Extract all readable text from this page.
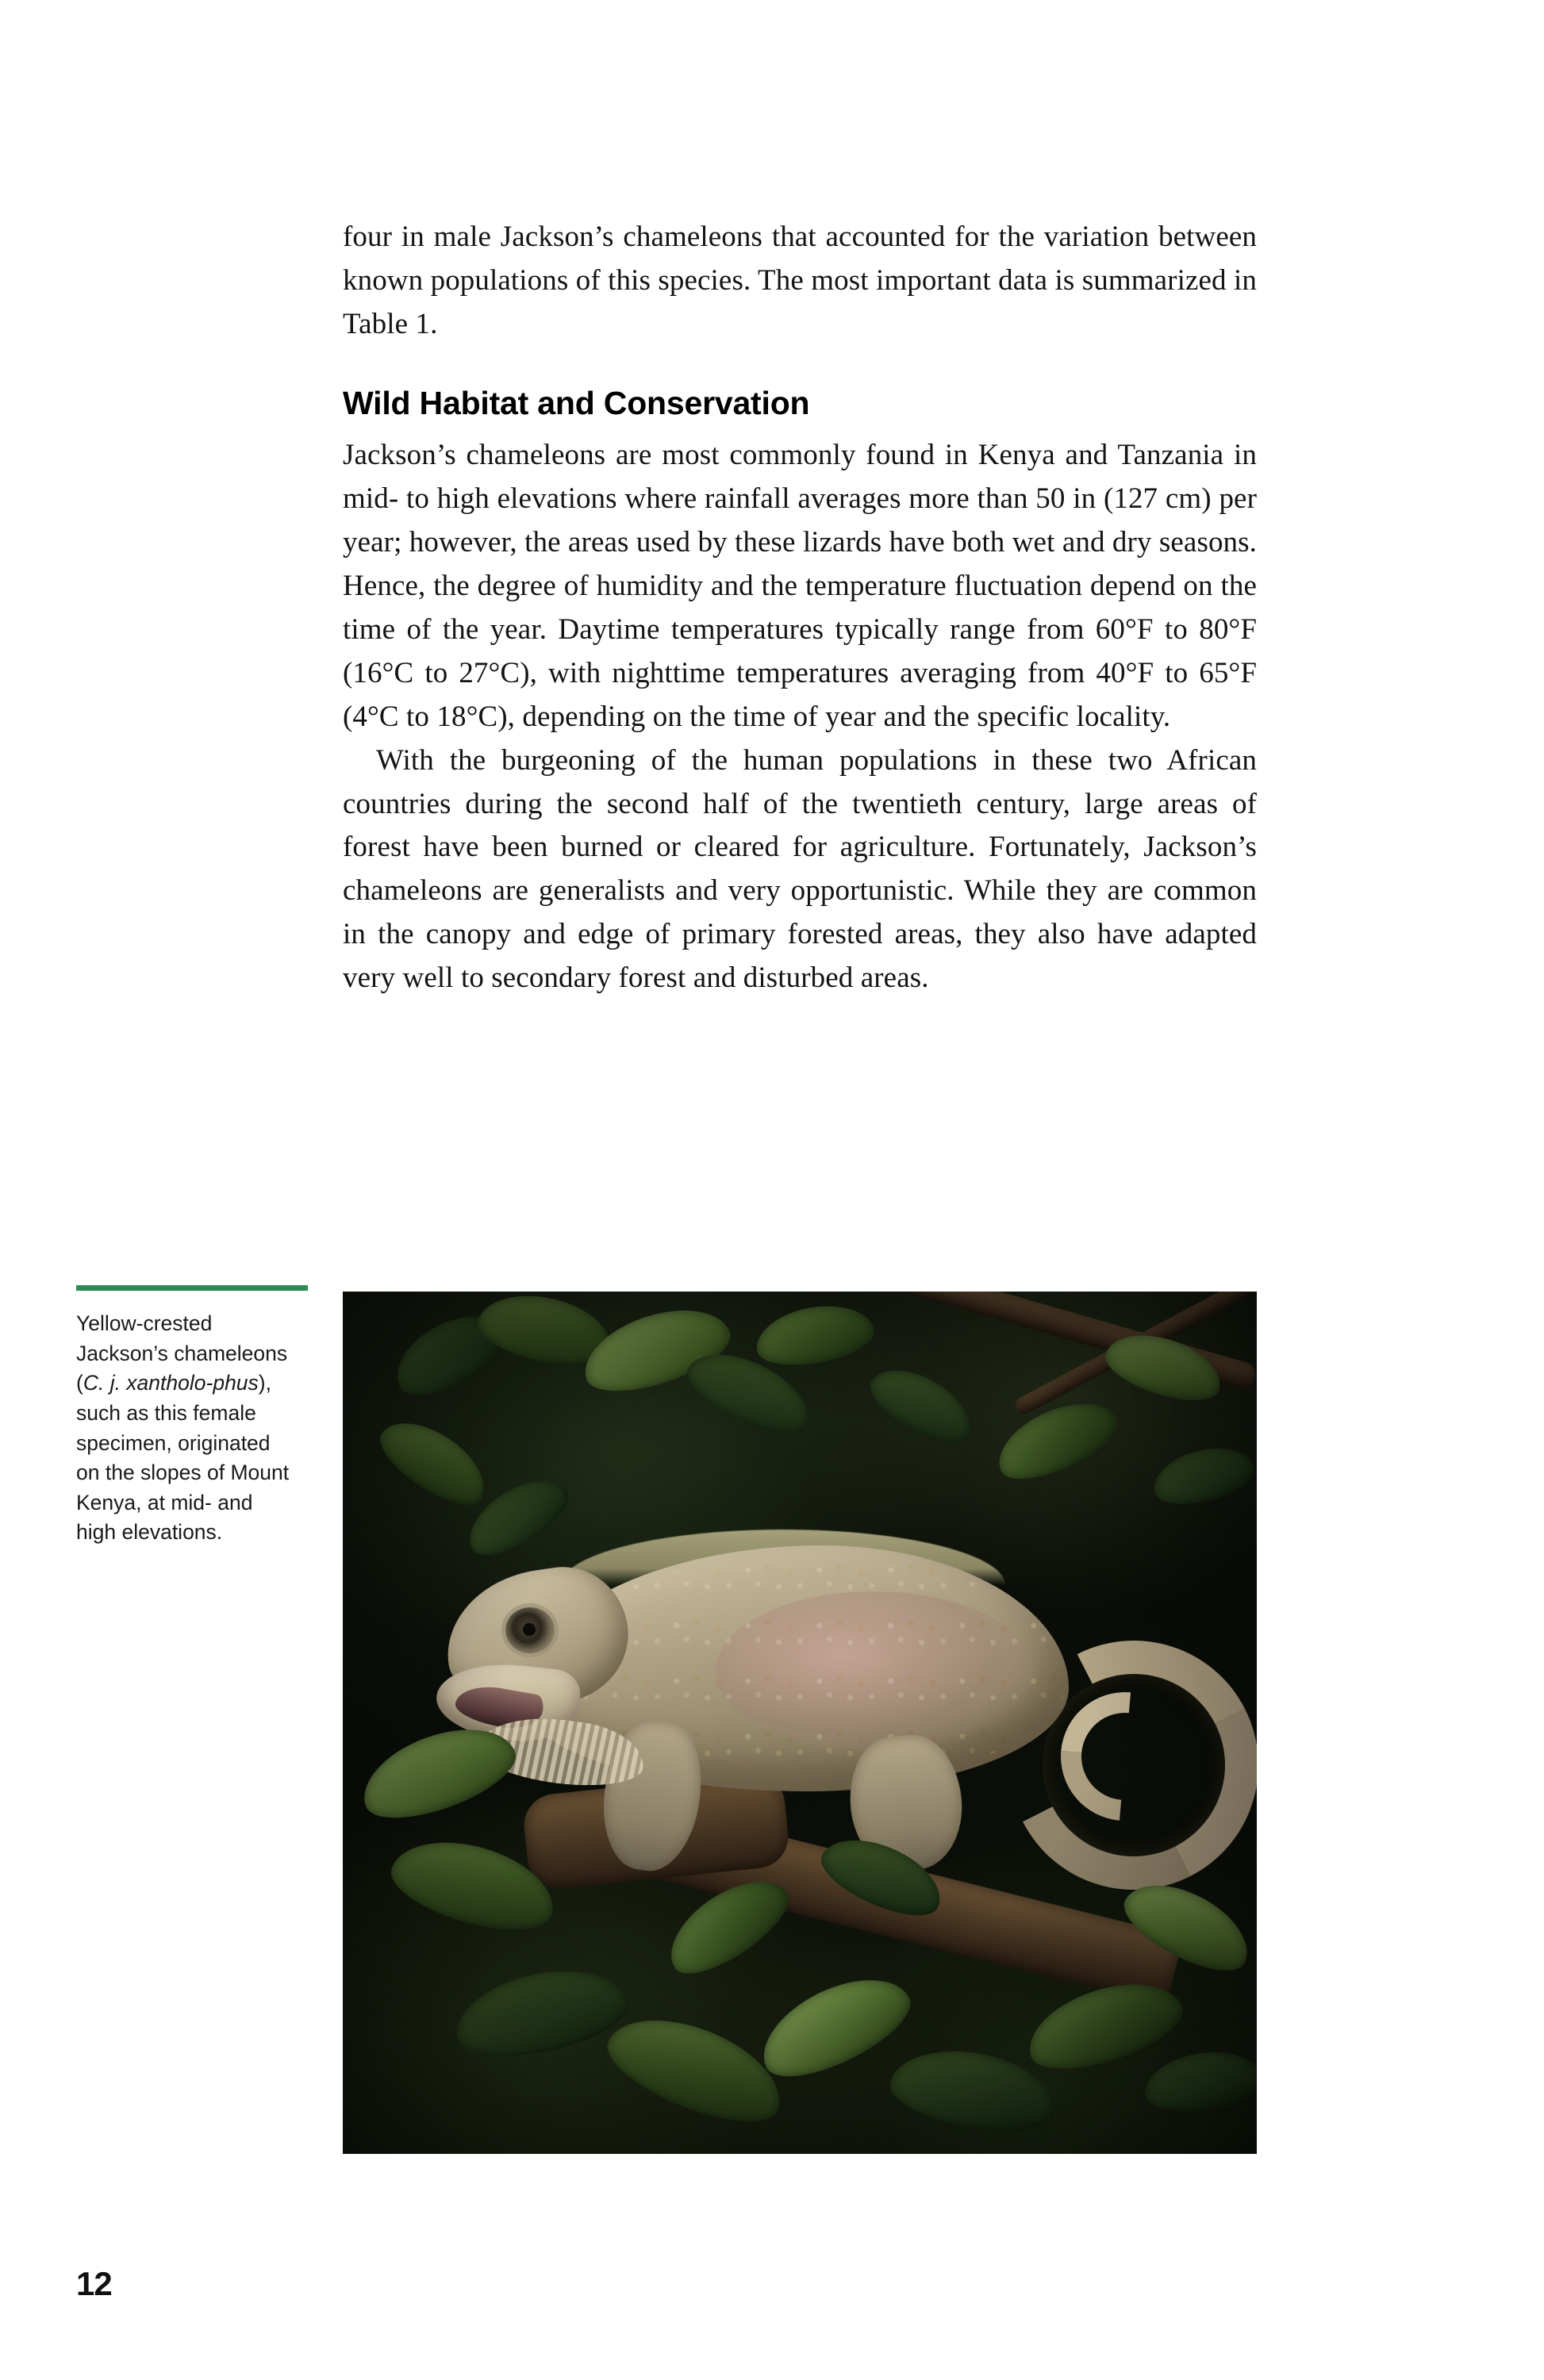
four in male Jackson’s chameleons that accounted for the variation between known populations of this species. The most important data is summarized in Table 1.

Wild Habitat and Conservation

Jackson’s chameleons are most commonly found in Kenya and Tanzania in mid- to high elevations where rainfall averages more than 50 in (127 cm) per year; however, the areas used by these lizards have both wet and dry seasons. Hence, the degree of humidity and the temperature fluctuation depend on the time of the year. Daytime temperatures typically range from 60°F to 80°F (16°C to 27°C), with nighttime temperatures averaging from 40°F to 65°F (4°C to 18°C), depending on the time of year and the specific locality.

With the burgeoning of the human populations in these two African countries during the second half of the twentieth century, large areas of forest have been burned or cleared for agriculture. Fortunately, Jackson’s chameleons are generalists and very opportunistic. While they are common in the canopy and edge of primary forested areas, they also have adapted very well to secondary forest and disturbed areas.

Yellow-crested Jackson’s chameleons (C. j. xantholo-phus), such as this female specimen, originated on the slopes of Mount Kenya, at mid- and high elevations.
12
